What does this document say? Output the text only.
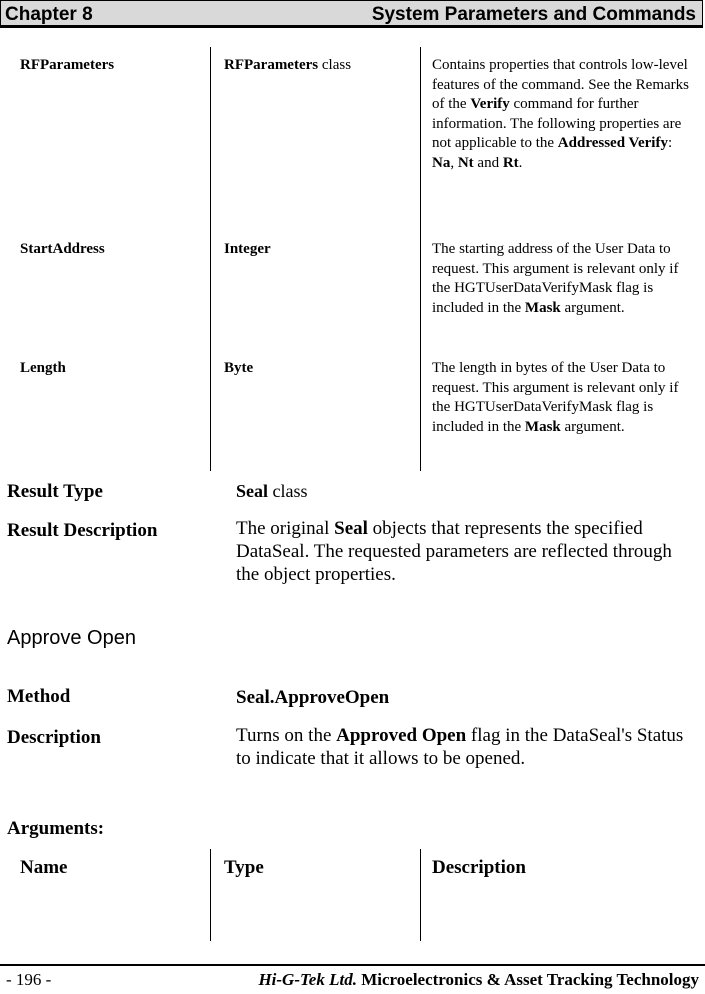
Chapter 8	System Parameters and Commands
RFParameters	RFParameters class	Contains properties that controls low-level features of the command. See the Remarks of the Verify command for further information. The following properties are not applicable to the Addressed Verify: Na, Nt and Rt.
StartAddress	Integer	The starting address of the User Data to request. This argument is relevant only if the HGTUserDataVerifyMask flag is included in the Mask argument.
Length	Byte	The length in bytes of the User Data to request. This argument is relevant only if the HGTUserDataVerifyMask flag is included in the Mask argument.
Result Type	Seal class
Result Description	The original Seal objects that represents the specified DataSeal. The requested parameters are reflected through the object properties.
Approve Open
Method	Seal.ApproveOpen
Description	Turns on the Approved Open flag in the DataSeal's Status to indicate that it allows to be opened.
Arguments:
Name	Type	Description
- 196 -	Hi-G-Tek Ltd. Microelectronics & Asset Tracking Technology
